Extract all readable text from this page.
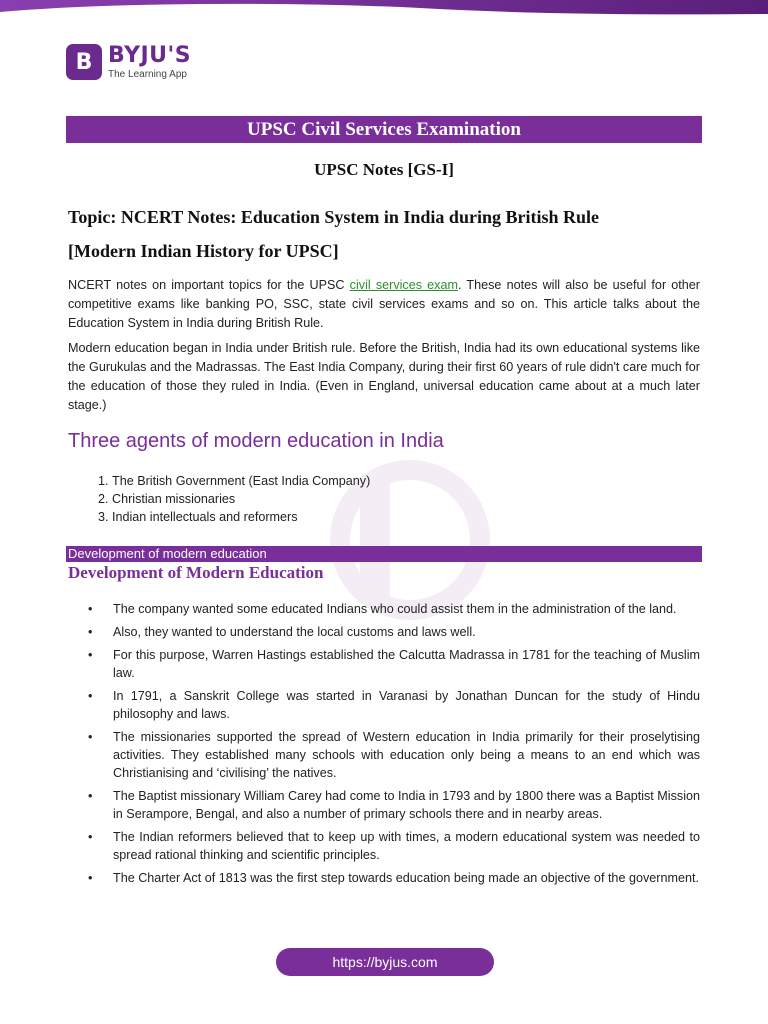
B BYJU'S
The Learning App
UPSC Civil Services Examination
UPSC Notes [GS-I]
Topic: NCERT Notes: Education System in India during British Rule
[Modern Indian History for UPSC]
NCERT notes on important topics for the UPSC civil services exam. These notes will also be useful for other competitive exams like banking PO, SSC, state civil services exams and so on. This article talks about the Education System in India during British Rule.
Modern education began in India under British rule. Before the British, India had its own educational systems like the Gurukulas and the Madrassas. The East India Company, during their first 60 years of rule didn't care much for the education of those they ruled in India. (Even in England, universal education came about at a much later stage.)
Three agents of modern education in India
1. The British Government (East India Company)
2. Christian missionaries
3. Indian intellectuals and reformers
Development of modern education
Development of Modern Education
• The company wanted some educated Indians who could assist them in the administration of the land.
• Also, they wanted to understand the local customs and laws well.
• For this purpose, Warren Hastings established the Calcutta Madrassa in 1781 for the teaching of Muslim law.
• In 1791, a Sanskrit College was started in Varanasi by Jonathan Duncan for the study of Hindu philosophy and laws.
• The missionaries supported the spread of Western education in India primarily for their proselytising activities. They established many schools with education only being a means to an end which was Christianising and ‘civilising’ the natives.
• The Baptist missionary William Carey had come to India in 1793 and by 1800 there was a Baptist Mission in Serampore, Bengal, and also a number of primary schools there and in nearby areas.
• The Indian reformers believed that to keep up with times, a modern educational system was needed to spread rational thinking and scientific principles.
• The Charter Act of 1813 was the first step towards education being made an objective of the government.
https://byjus.com
